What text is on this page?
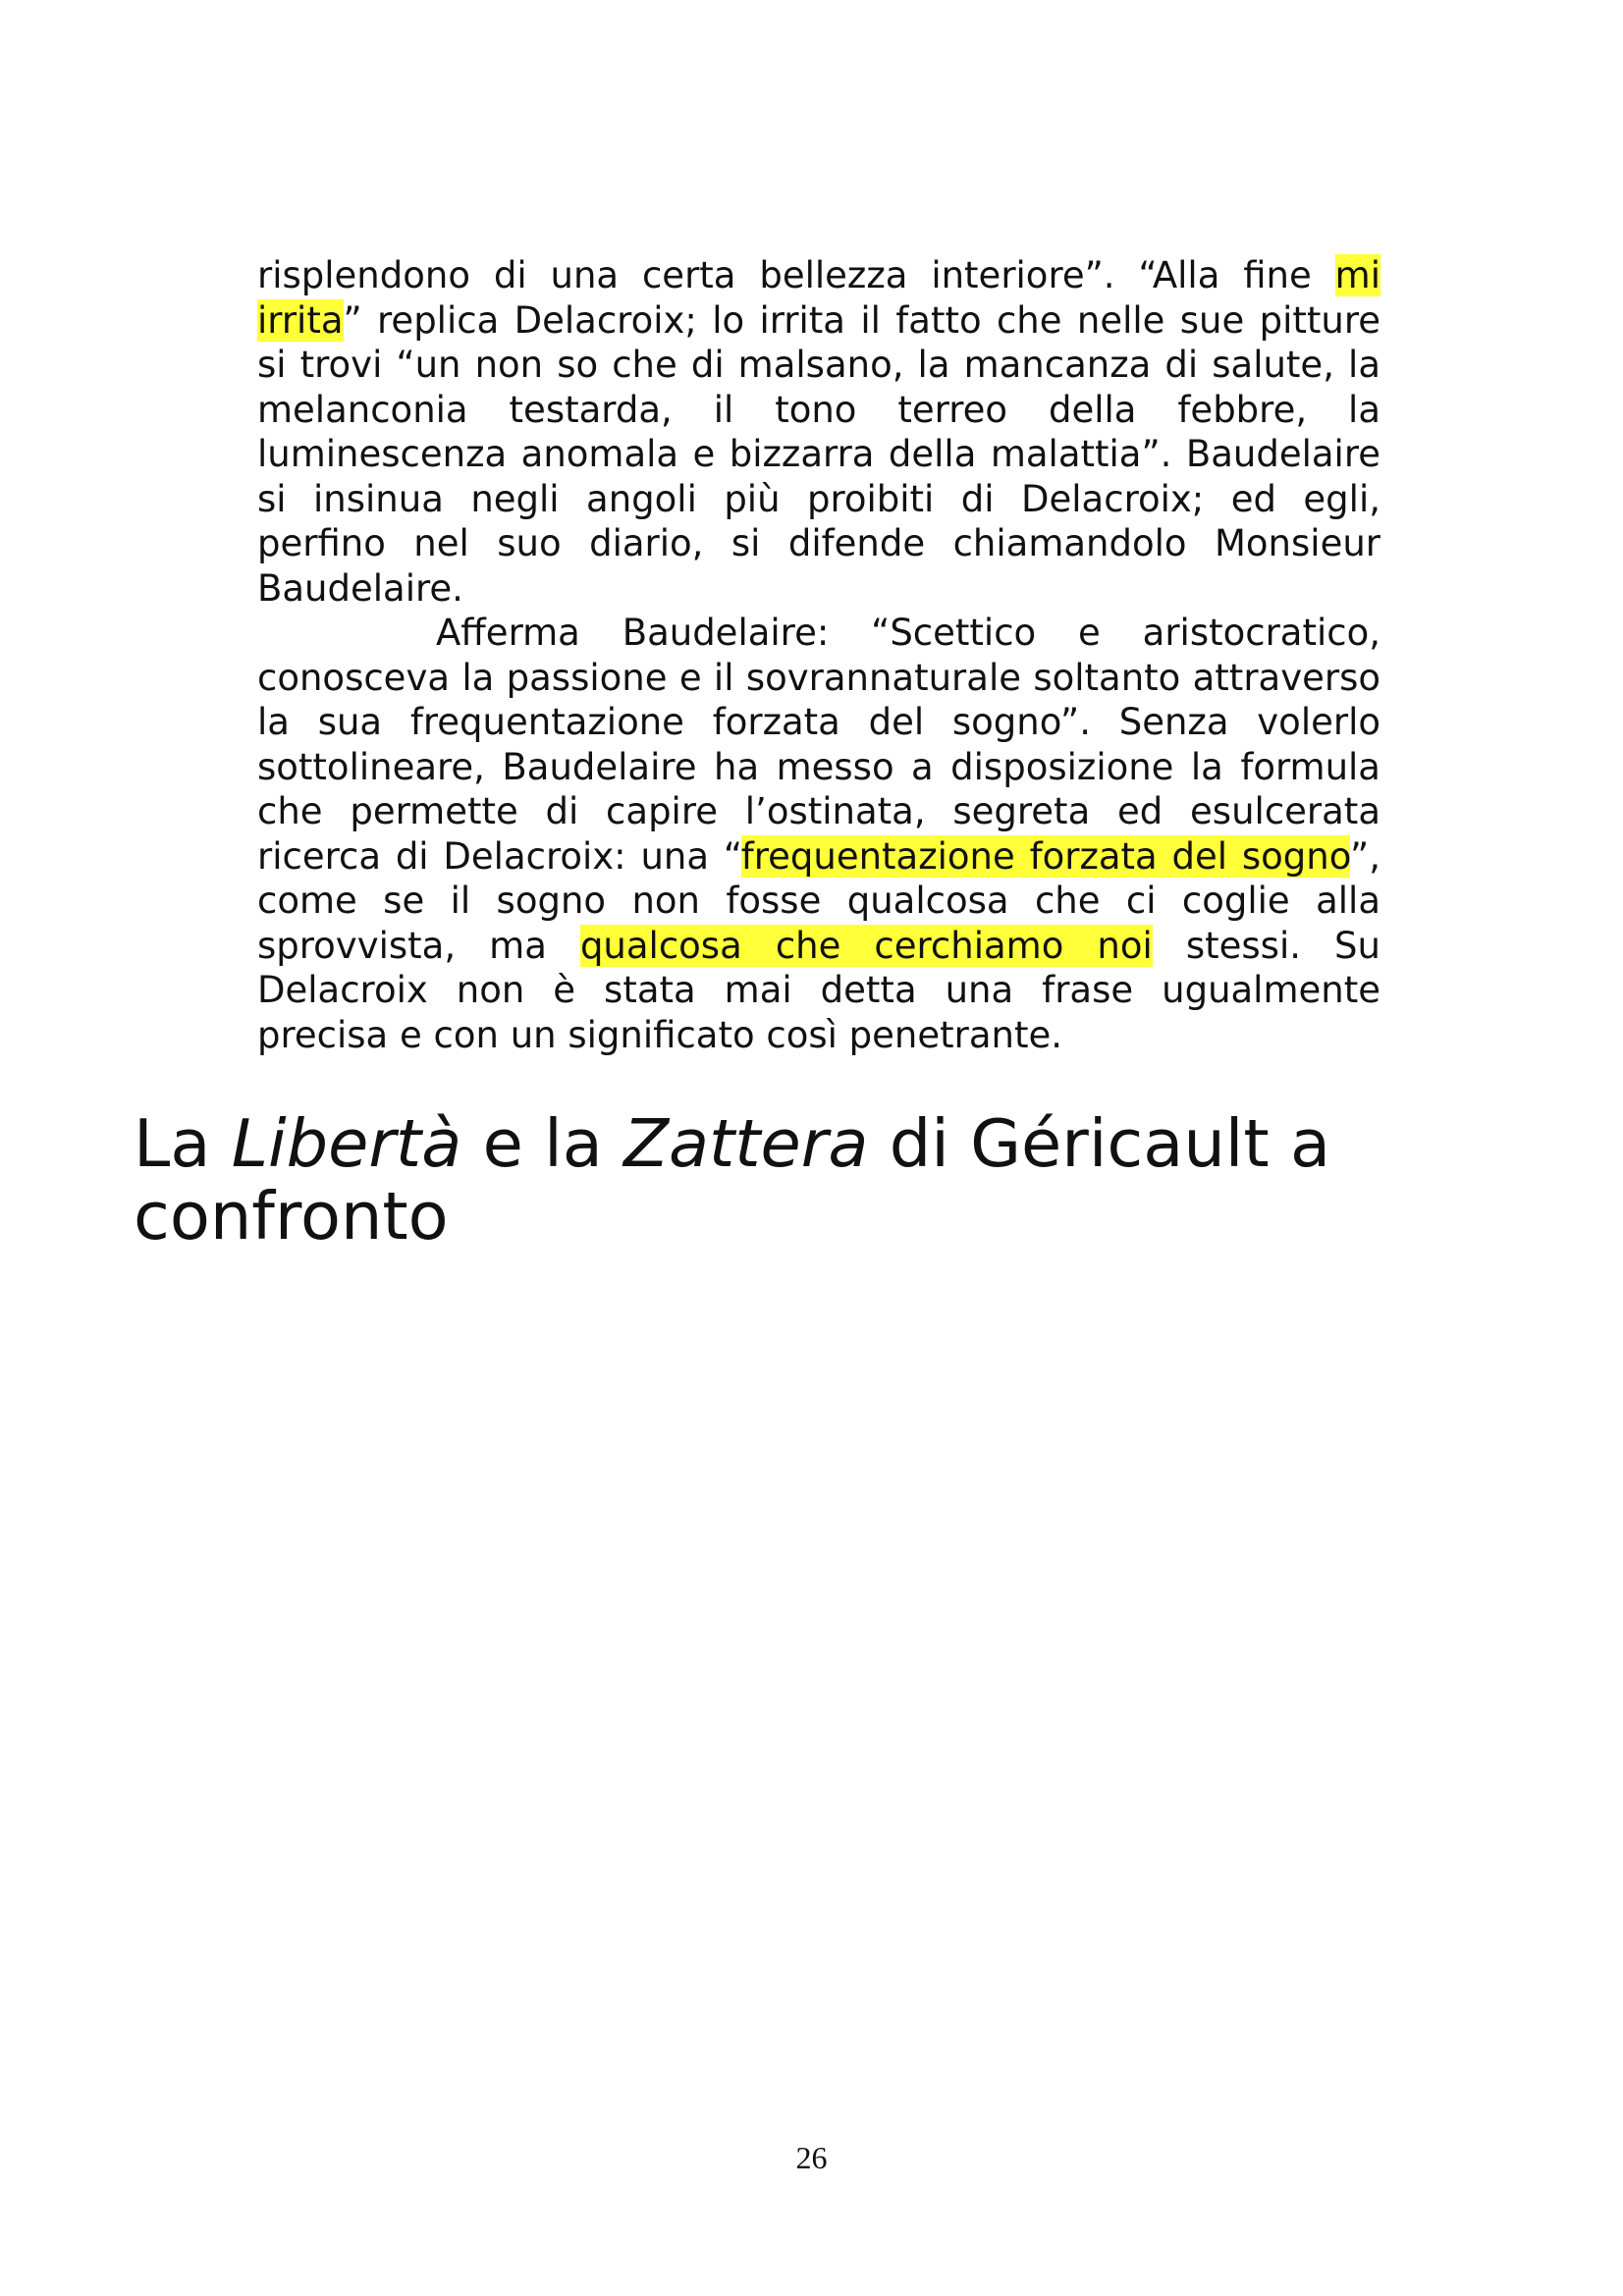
risplendono di una certa bellezza interiore”. “Alla fine mi irrita” replica Delacroix; lo irrita il fatto che nelle sue pitture si trovi “un non so che di malsano, la mancanza di salute, la melanconia testarda, il tono terreo della febbre, la luminescenza anomala e bizzarra della malattia”. Baudelaire si insinua negli angoli più proibiti di Delacroix; ed egli, perfino nel suo diario, si difende chiamandolo Monsieur Baudelaire.

Afferma Baudelaire: “Scettico e aristocratico, conosceva la passione e il sovrannaturale soltanto attraverso la sua frequentazione forzata del sogno”. Senza volerlo sottolineare, Baudelaire ha messo a disposizione la formula che permette di capire l’ostinata, segreta ed esulcerata ricerca di Delacroix: una “frequentazione forzata del sogno”, come se il sogno non fosse qualcosa che ci coglie alla sprovvista, ma qualcosa che cerchiamo noi stessi. Su Delacroix non è stata mai detta una frase ugualmente precisa e con un significato così penetrante.

La Libertà e la Zattera di Géricault a confronto
26
